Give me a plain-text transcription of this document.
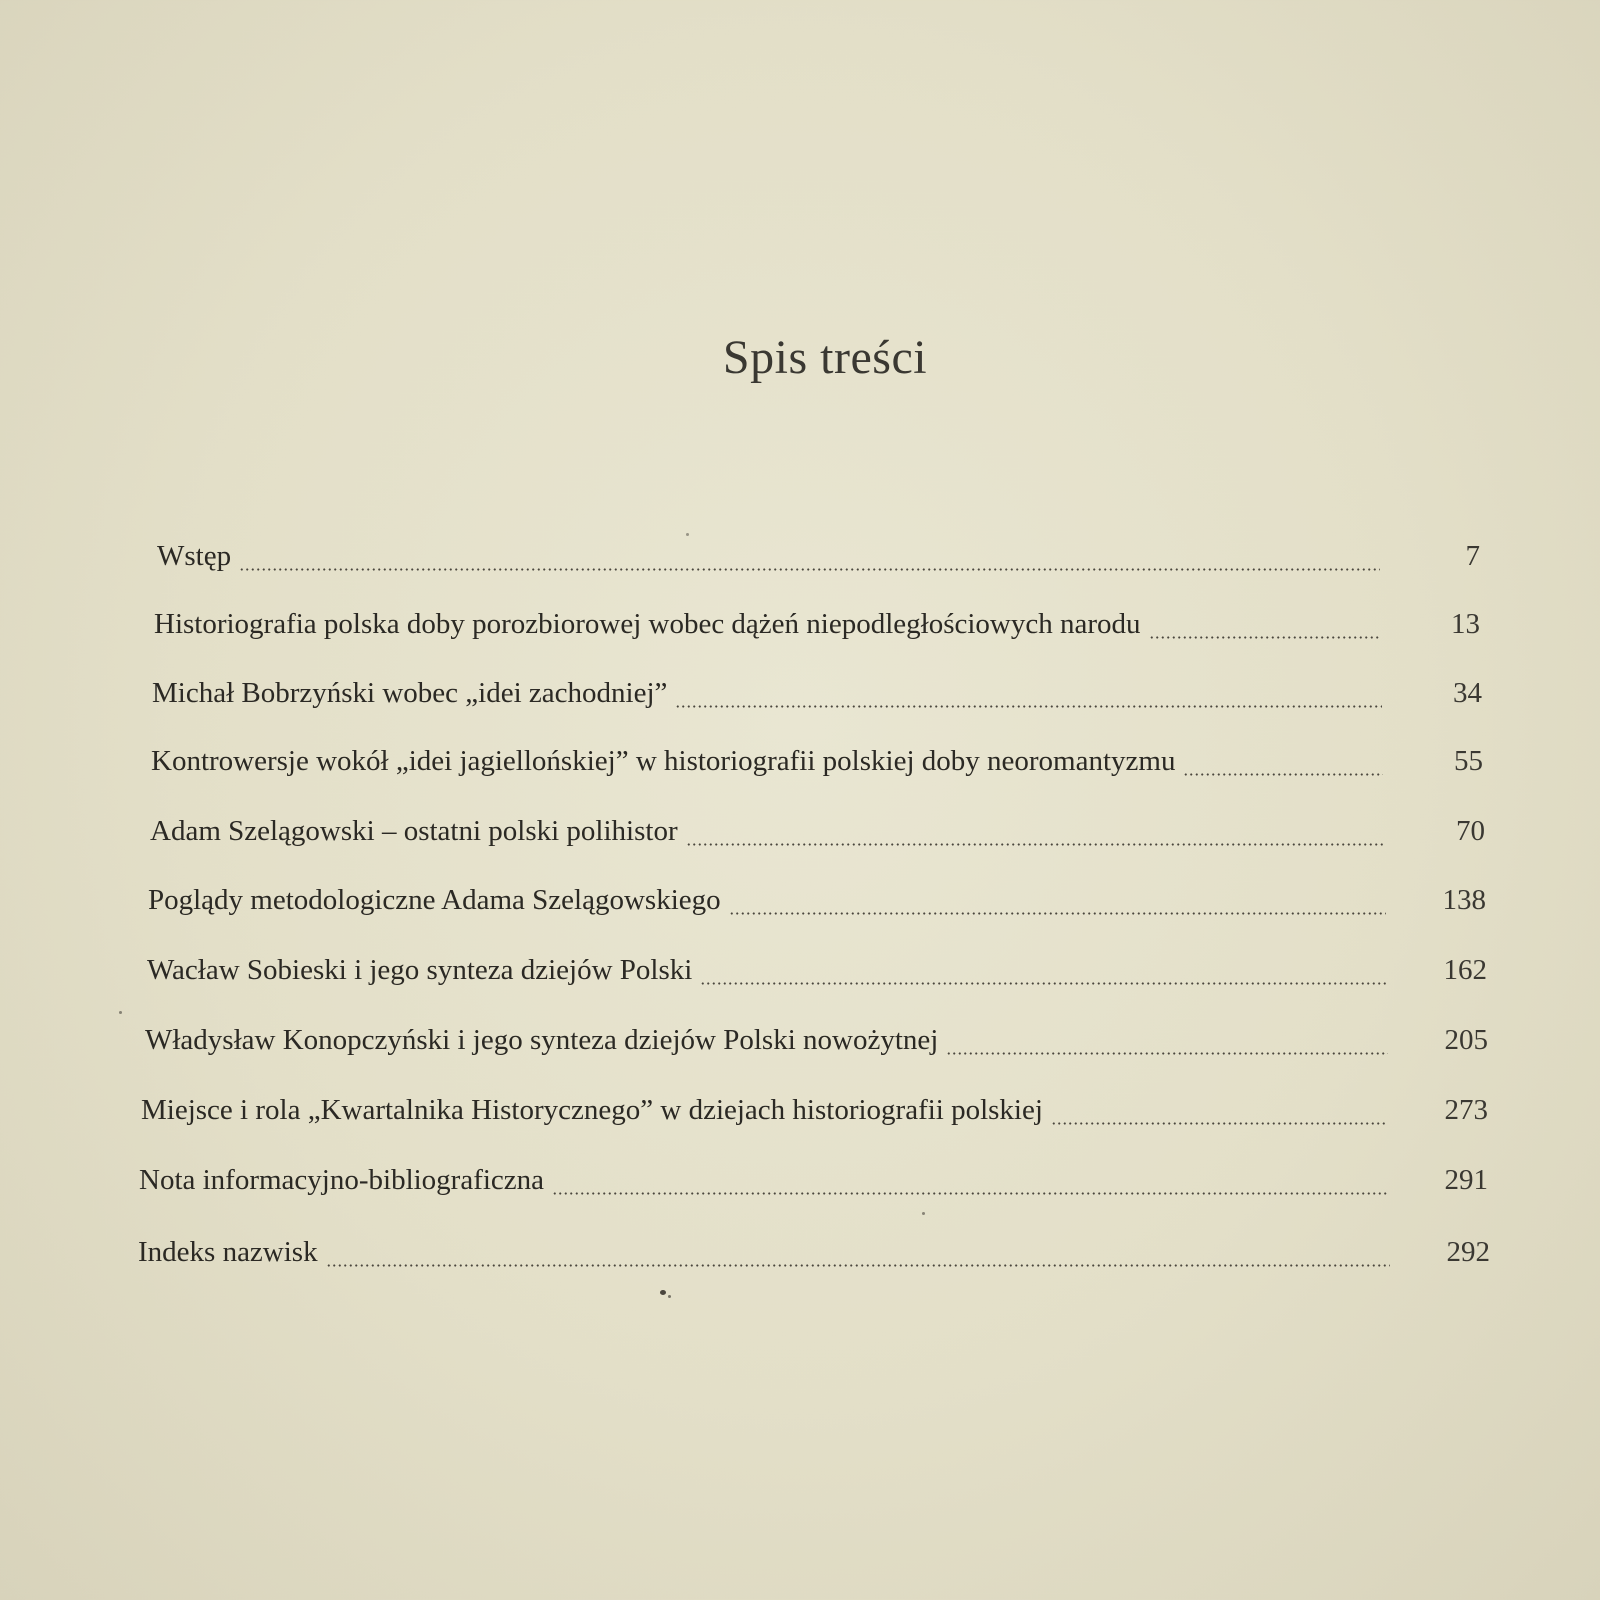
Spis treści
Wstęp	7
Historiografia polska doby porozbiorowej wobec dążeń niepodległościowych narodu	13
Michał Bobrzyński wobec „idei zachodniej”	34
Kontrowersje wokół „idei jagiellońskiej” w historiografii polskiej doby neoromantyzmu	55
Adam Szelągowski – ostatni polski polihistor	70
Poglądy metodologiczne Adama Szelągowskiego	138
Wacław Sobieski i jego synteza dziejów Polski	162
Władysław Konopczyński i jego synteza dziejów Polski nowożytnej	205
Miejsce i rola „Kwartalnika Historycznego” w dziejach historiografii polskiej	273
Nota informacyjno-bibliograficzna	291
Indeks nazwisk	292
